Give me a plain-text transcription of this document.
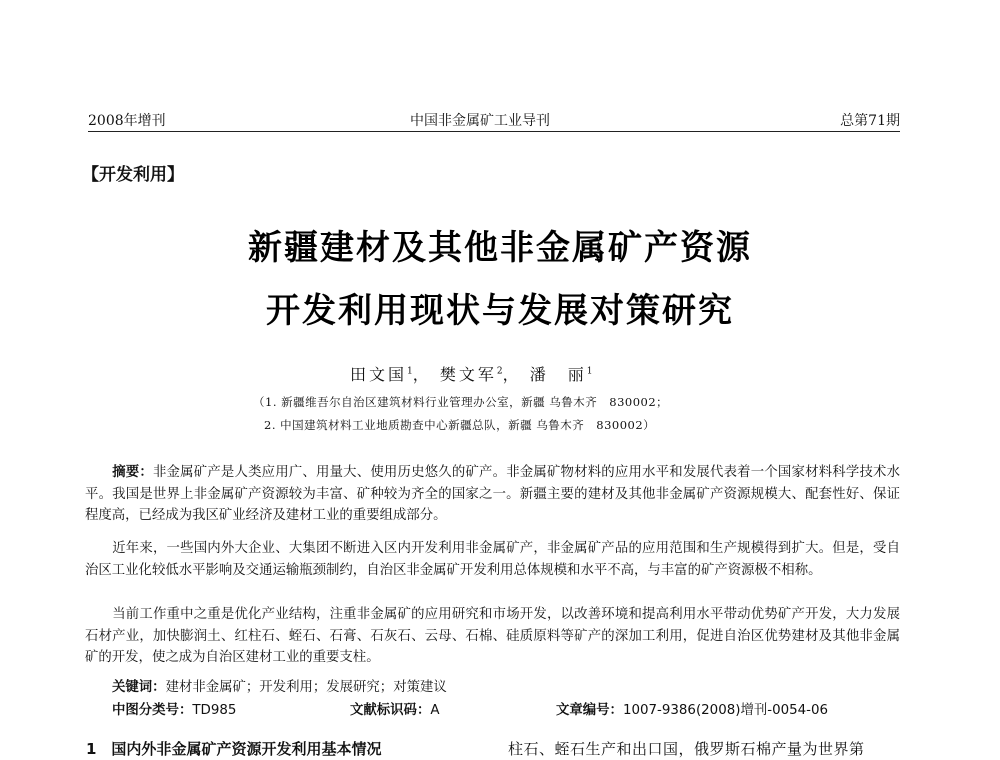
2008年增刊	中国非金属矿工业导刊	总第71期
【开发利用】
新疆建材及其他非金属矿产资源
开发利用现状与发展对策研究
田文国$^1$， 樊文军$^2$， 潘　丽$^1$
（1. 新疆维吾尔自治区建筑材料行业管理办公室，新疆 乌鲁木齐　830002；
2. 中国建筑材料工业地质勘查中心新疆总队，新疆 乌鲁木齐　830002）
摘要：非金属矿产是人类应用广、用量大、使用历史悠久的矿产。非金属矿物材料的应用水平和发展代表着一个国家材料科学技术水平。我国是世界上非金属矿产资源较为丰富、矿种较为齐全的国家之一。新疆主要的建材及其他非金属矿产资源规模大、配套性好、保证程度高，已经成为我区矿业经济及建材工业的重要组成部分。
近年来，一些国内外大企业、大集团不断进入区内开发利用非金属矿产，非金属矿产品的应用范围和生产规模得到扩大。但是，受自治区工业化较低水平影响及交通运输瓶颈制约，自治区非金属矿开发利用总体规模和水平不高，与丰富的矿产资源极不相称。
当前工作重中之重是优化产业结构，注重非金属矿的应用研究和市场开发，以改善环境和提高利用水平带动优势矿产开发，大力发展石材产业，加快膨润土、红柱石、蛭石、石膏、石灰石、云母、石棉、硅质原料等矿产的深加工利用，促进自治区优势建材及其他非金属矿的开发，使之成为自治区建材工业的重要支柱。
关键词：建材非金属矿；开发利用；发展研究；对策建议
中图分类号：TD985	文献标识码：A	文章编号：1007-9386(2008)增刊-0054-06
1　国内外非金属矿产资源开发利用基本情况	柱石、蛭石生产和出口国，俄罗斯石棉产量为世界第
